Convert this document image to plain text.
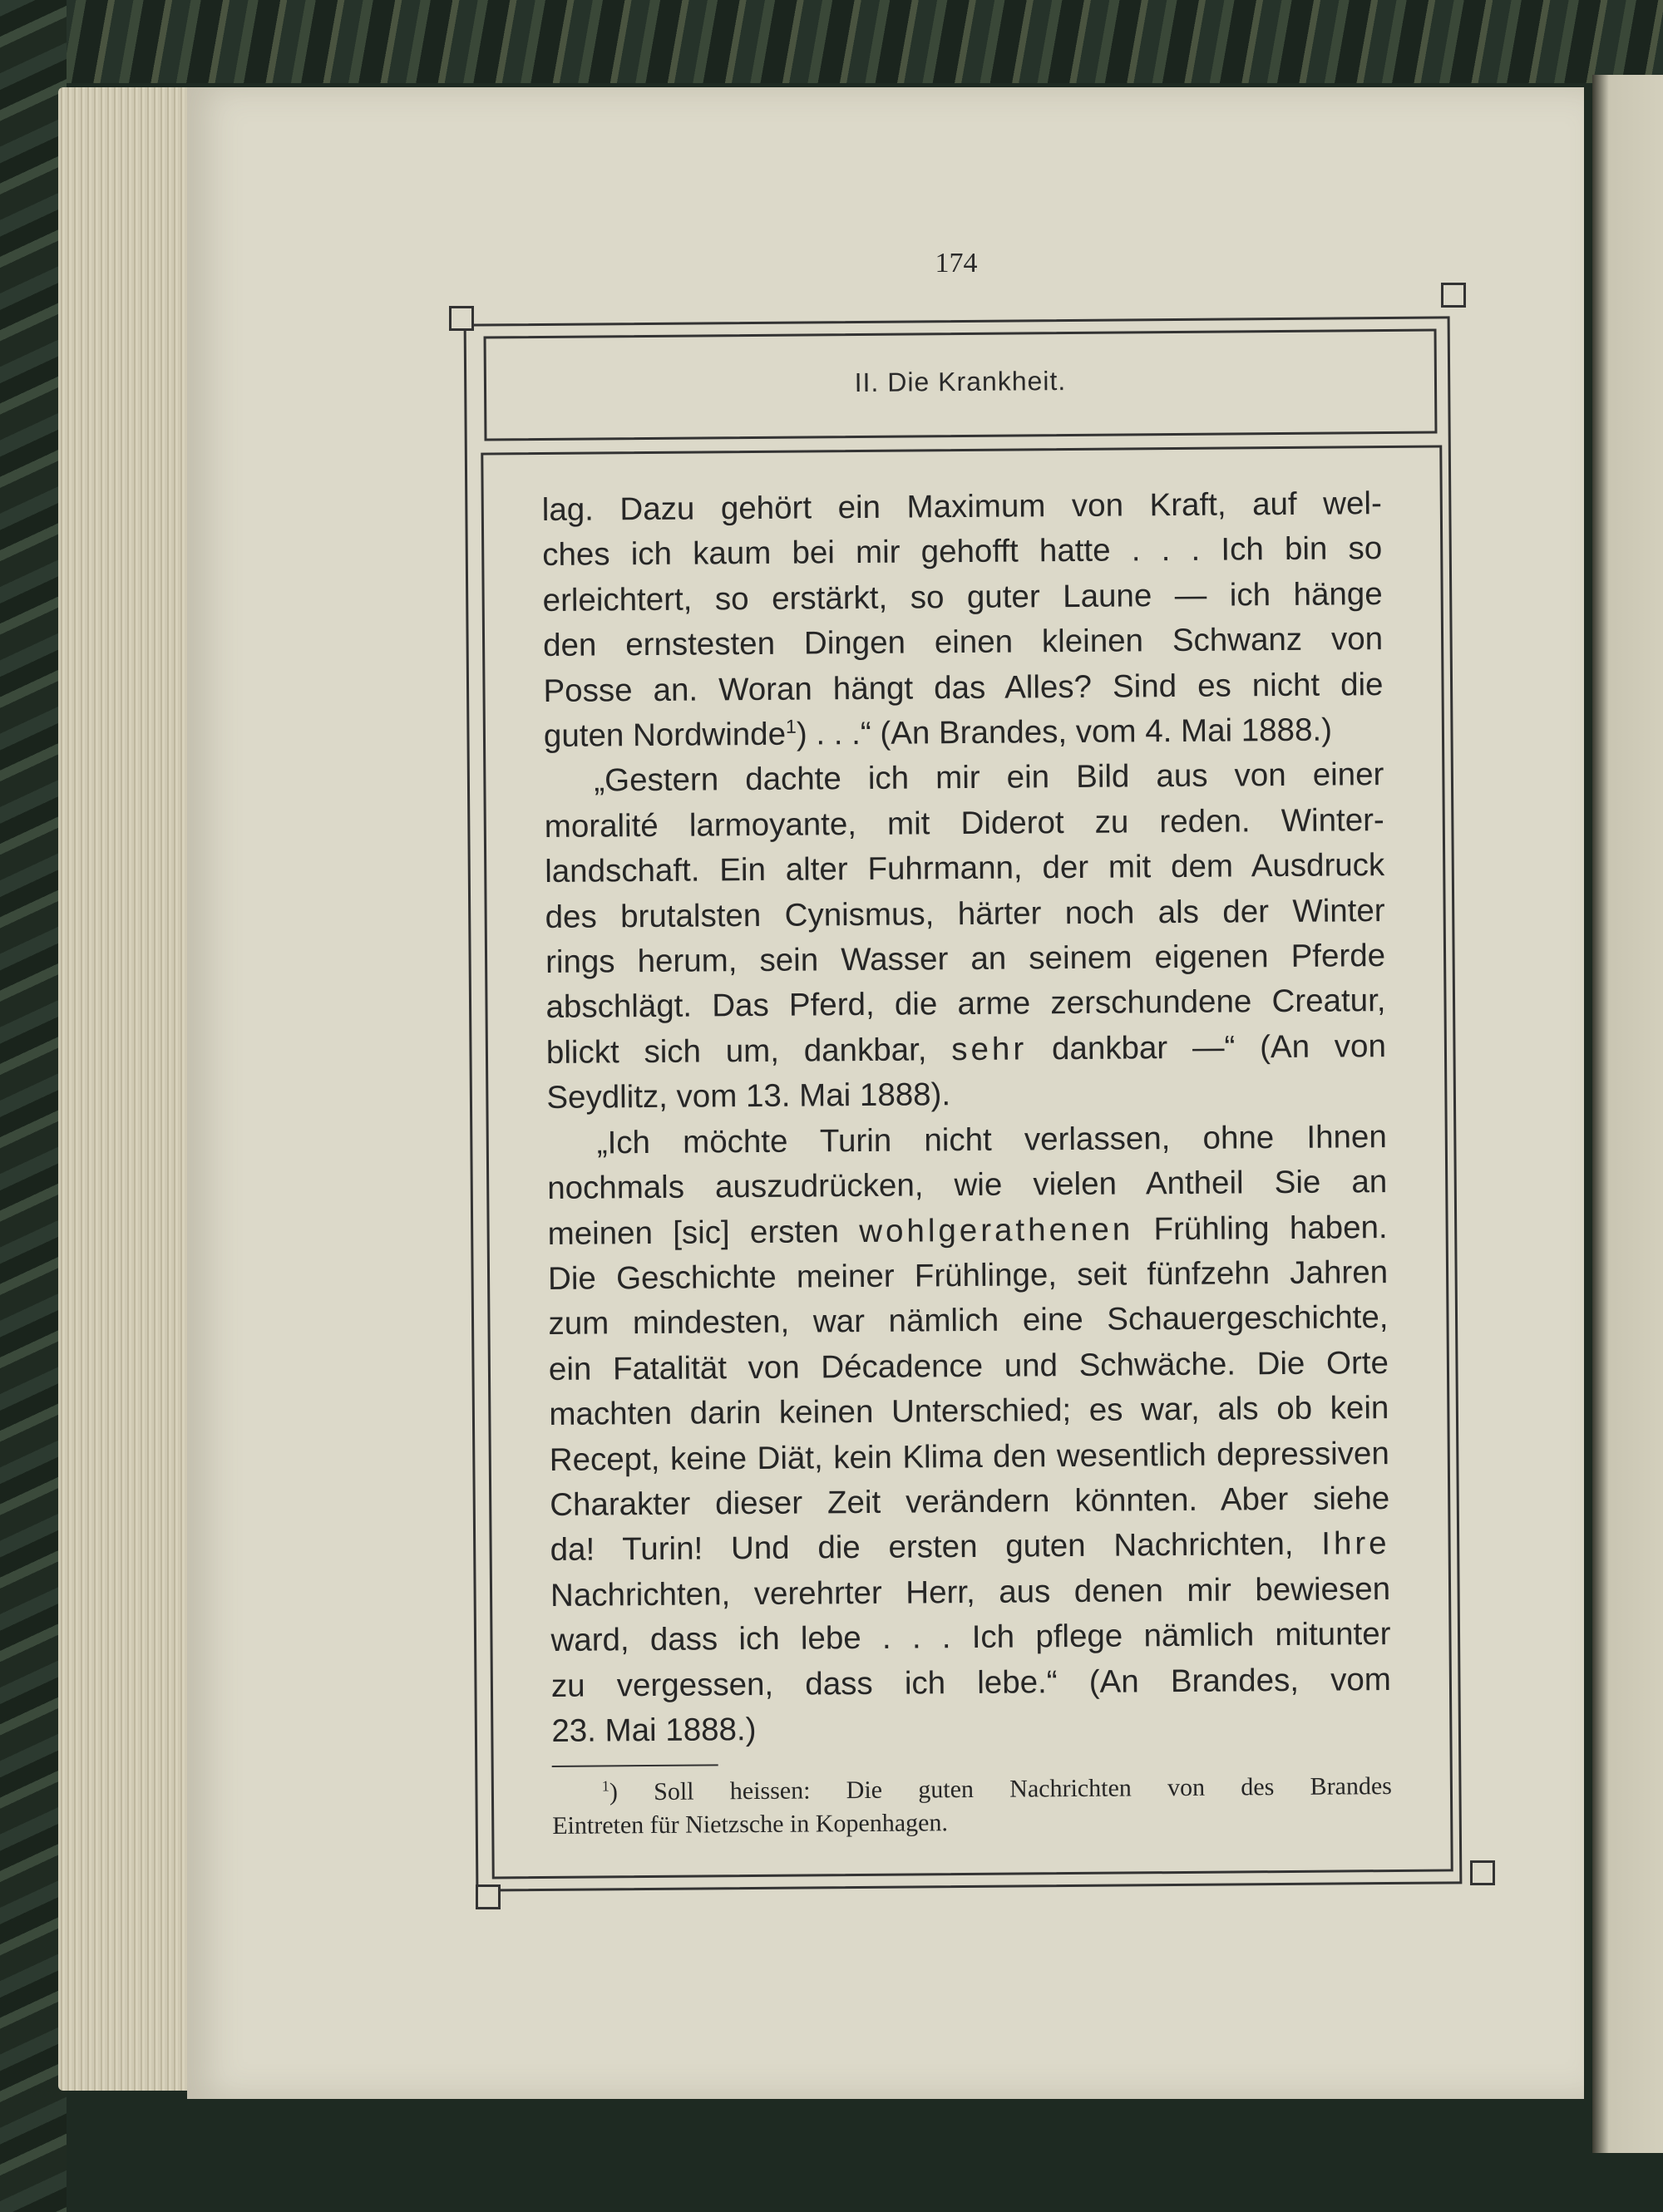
174
II. Die Krankheit.
lag. Dazu gehört ein Maximum von Kraft, auf wel-
ches ich kaum bei mir gehofft hatte . . . Ich bin so
erleichtert, so erstärkt, so guter Laune — ich hänge
den ernstesten Dingen einen kleinen Schwanz von
Posse an. Woran hängt das Alles? Sind es nicht die
guten Nordwinde$^1$) . . .“ (An Brandes, vom 4. Mai 1888.)
„Gestern dachte ich mir ein Bild aus von einer
moralité larmoyante, mit Diderot zu reden. Winter-
landschaft. Ein alter Fuhrmann, der mit dem Ausdruck
des brutalsten Cynismus, härter noch als der Winter
rings herum, sein Wasser an seinem eigenen Pferde
abschlägt. Das Pferd, die arme zerschundene Creatur,
blickt sich um, dankbar, sehr dankbar —“ (An von
Seydlitz, vom 13. Mai 1888).
„Ich möchte Turin nicht verlassen, ohne Ihnen
nochmals auszudrücken, wie vielen Antheil Sie an
meinen [sic] ersten wohlgerathenen Frühling haben.
Die Geschichte meiner Frühlinge, seit fünfzehn Jahren
zum mindesten, war nämlich eine Schauergeschichte,
ein Fatalität von Décadence und Schwäche. Die Orte
machten darin keinen Unterschied; es war, als ob kein
Recept, keine Diät, kein Klima den wesentlich depressiven
Charakter dieser Zeit verändern könnten. Aber siehe
da! Turin! Und die ersten guten Nachrichten, Ihre
Nachrichten, verehrter Herr, aus denen mir bewiesen
ward, dass ich lebe . . . Ich pflege nämlich mitunter
zu vergessen, dass ich lebe.“ (An Brandes, vom
23. Mai 1888.)
$^1$) Soll heissen: Die guten Nachrichten von des Brandes
Eintreten für Nietzsche in Kopenhagen.
